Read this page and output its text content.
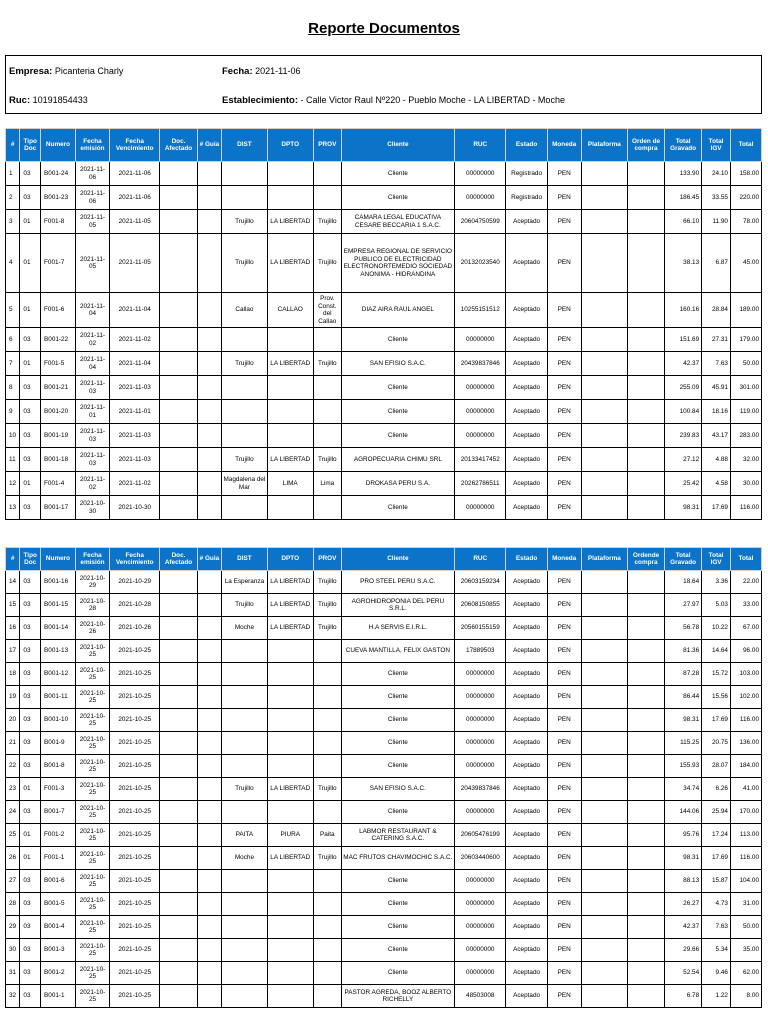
Reporte Documentos
Empresa: Picanteria Charly	Fecha: 2021-11-06
Ruc: 10191854433	Establecimiento: - Calle Victor Raul Nº220 - Pueblo Moche - LA LIBERTAD - Moche
#	Tipo Doc	Numero	Fecha emisión	Fecha Vencimiento	Doc. Afectado	# Guia	DIST	DPTO	PROV	Cliente	RUC	Estado	Moneda	Plataforma	Orden de compra	Total Gravado	Total IGV	Total
1	03	B001-24	2021-11-06	2021-11-06						Cliente	00000000	Registrado	PEN			133.90	24.10	158.00
2	03	B001-23	2021-11-06	2021-11-06						Cliente	00000000	Registrado	PEN			186.45	33.55	220.00
3	01	F001-8	2021-11-05	2021-11-05			Trujillo	LA LIBERTAD	Trujillo	CAMARA LEGAL EDUCATIVA CESARE BECCARIA 1 S.A.C.	20604750599	Aceptado	PEN			66.10	11.90	78.00
4	01	F001-7	2021-11-05	2021-11-05			Trujillo	LA LIBERTAD	Trujillo	EMPRESA REGIONAL DE SERVICIO PUBLICO DE ELECTRICIDAD ELECTRONORTEMEDIO SOCIEDAD ANONIMA - HIDRANDINA	20132023540	Aceptado	PEN			38.13	6.87	45.00
5	01	F001-6	2021-11-04	2021-11-04			Callao	CALLAO	Prov. Const. del Callao	DIAZ AIRA RAUL ANGEL	10255151512	Aceptado	PEN			160.16	28.84	189.00
6	03	B001-22	2021-11-02	2021-11-02						Cliente	00000000	Aceptado	PEN			151.69	27.31	179.00
7	01	F001-5	2021-11-04	2021-11-04			Trujillo	LA LIBERTAD	Trujillo	SAN EFISIO S.A.C.	20439837846	Aceptado	PEN			42.37	7.63	50.00
8	03	B001-21	2021-11-03	2021-11-03						Cliente	00000000	Aceptado	PEN			255.09	45.91	301.00
9	03	B001-20	2021-11-01	2021-11-01						Cliente	00000000	Aceptado	PEN			100.84	18.16	119.00
10	03	B001-19	2021-11-03	2021-11-03						Cliente	00000000	Aceptado	PEN			239.83	43.17	283.00
11	03	B001-18	2021-11-03	2021-11-03			Trujillo	LA LIBERTAD	Trujillo	AGROPECUARIA CHIMU SRL	20133417452	Aceptado	PEN			27.12	4.88	32.00
12	01	F001-4	2021-11-02	2021-11-02			Magdalena del Mar	LIMA	Lima	DROKASA PERU S.A.	20262786511	Aceptado	PEN			25.42	4.58	30.00
13	03	B001-17	2021-10-30	2021-10-30						Cliente	00000000	Aceptado	PEN			98.31	17.69	116.00
#	Tipo Doc	Numero	Fecha emisión	Fecha Vencimiento	Doc. Afectado	# Guia	DIST	DPTO	PROV	Cliente	RUC	Estado	Moneda	Plataforma	Ordende compra	Total Gravado	Total IGV	Total
14	03	B001-16	2021-10-29	2021-10-29			La Esperanza	LA LIBERTAD	Trujillo	PRO STEEL PERU S.A.C.	20603159234	Aceptado	PEN			18.64	3.36	22.00
15	03	B001-15	2021-10-28	2021-10-28			Trujillo	LA LIBERTAD	Trujillo	AGROHIDROPONIA DEL PERU S.R.L.	20608150855	Aceptado	PEN			27.97	5.03	33.00
16	03	B001-14	2021-10-26	2021-10-26			Moche	LA LIBERTAD	Trujillo	H.A SERVIS E.I.R.L.	20560155159	Aceptado	PEN			56.78	10.22	67.00
17	03	B001-13	2021-10-25	2021-10-25						CUEVA MANTILLA, FELIX GASTON	17889503	Aceptado	PEN			81.36	14.64	96.00
18	03	B001-12	2021-10-25	2021-10-25						Cliente	00000000	Aceptado	PEN			87.28	15.72	103.00
19	03	B001-11	2021-10-25	2021-10-25						Cliente	00000000	Aceptado	PEN			86.44	15.56	102.00
20	03	B001-10	2021-10-25	2021-10-25						Cliente	00000000	Aceptado	PEN			98.31	17.69	116.00
21	03	B001-9	2021-10-25	2021-10-25						Cliente	00000000	Aceptado	PEN			115.25	20.75	136.00
22	03	B001-8	2021-10-25	2021-10-25						Cliente	00000000	Aceptado	PEN			155.93	28.07	184.00
23	01	F001-3	2021-10-25	2021-10-25			Trujillo	LA LIBERTAD	Trujillo	SAN EFISIO S.A.C.	20439837846	Aceptado	PEN			34.74	6.26	41.00
24	03	B001-7	2021-10-25	2021-10-25						Cliente	00000000	Aceptado	PEN			144.06	25.94	170.00
25	01	F001-2	2021-10-25	2021-10-25			PAITA	PIURA	Paita	LABMOR RESTAURANT & CATERING S.A.C.	20605476199	Aceptado	PEN			95.76	17.24	113.00
26	01	F001-1	2021-10-25	2021-10-25			Moche	LA LIBERTAD	Trujillo	MAC FRUTOS CHAVIMOCHIC S.A.C.	20603440600	Aceptado	PEN			98.31	17.69	116.00
27	03	B001-6	2021-10-25	2021-10-25						Cliente	00000000	Aceptado	PEN			88.13	15.87	104.00
28	03	B001-5	2021-10-25	2021-10-25						Cliente	00000000	Aceptado	PEN			26.27	4.73	31.00
29	03	B001-4	2021-10-25	2021-10-25						Cliente	00000000	Aceptado	PEN			42.37	7.63	50.00
30	03	B001-3	2021-10-25	2021-10-25						Cliente	00000000	Aceptado	PEN			29.66	5.34	35.00
31	03	B001-2	2021-10-25	2021-10-25						Cliente	00000000	Aceptado	PEN			52.54	9.46	62.00
32	03	B001-1	2021-10-25	2021-10-25						PASTOR AGREDA, BOOZ ALBERTO RICHELLY	48503008	Aceptado	PEN			6.78	1.22	8.00
